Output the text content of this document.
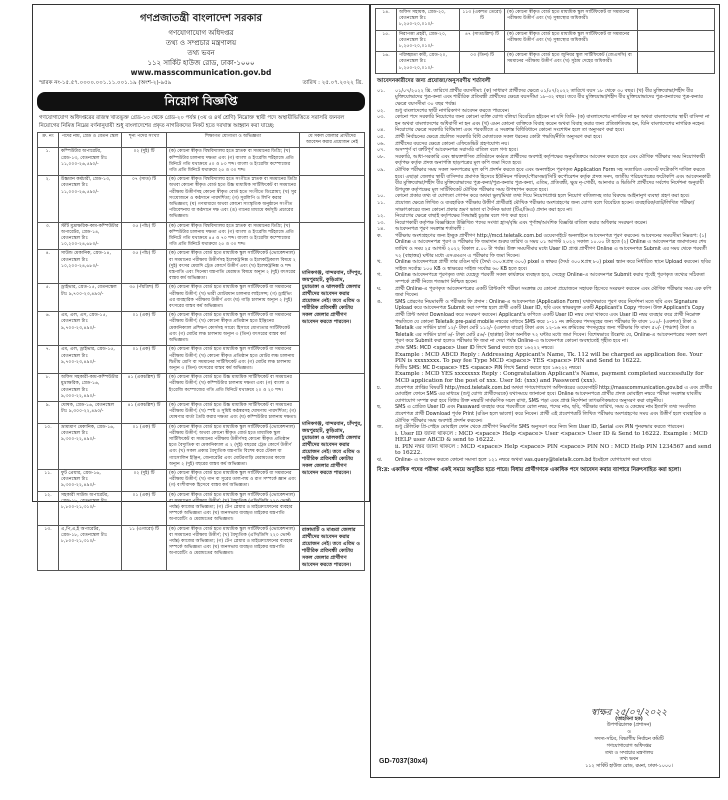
গণপ্রজাতন্ত্রী বাংলাদেশ সরকার
গণযোগাযোগ অধিদপ্তর
তথ্য ও সম্প্রচার মন্ত্রণালয়
তথ্য ভবন
১১২ সার্কিট হাউজ রোড, ঢাকা-১০০০
www.masscommunication.gov.bd
স্মারক নং-১৫.৫৭.০০০০.০০১.১১.০০১.১৯ (অংশ-২)-৯৫৯	তারিখ : ২৫.০৭.২০২২ খ্রি.
নিয়োগ বিজ্ঞপ্তি
গণযোগাযোগ অধিদপ্তরের রাজস্ব খাতভুক্ত গ্রেড-১৩ থেকে গ্রেড-২০ পর্যন্ত (৩য় ও ৪র্থ শ্রেণি) নিম্নোক্ত স্থায়ী পদে অস্থায়ীভিত্তিতে সরাসরি জনবল নিয়োগের নিমিত্ত নিম্নের বর্ণনানুযায়ী শুধু বাংলাদেশের প্রকৃত নাগরিকদের নিকট হতে দরখাস্ত আহ্বান করা যাচ্ছে:
ক্র. নং	পদের নাম, গ্রেড ও বেতন স্কেল	শূন্য পদের সংখ্যা	শিক্ষাগত যোগ্যতা ও অভিজ্ঞতা	যে সকল জেলার প্রার্থীদের আবেদন করার প্রয়োজন নেই
১.	কম্পিউটার অপারেটর, গ্রেড-১৩, বেতনস্কেল টাঃ ১১,০০০-২৬,৫৯০/-	০২ (দুই) টি	(ক) কোনো স্বীকৃত বিশ্ববিদ্যালয় হতে স্নাতক বা সমমানের ডিগ্রি; (খ) কম্পিউটার চালনায় দক্ষতা এবং (গ) বাংলা ও ইংরেজি শর্টহ্যান্ডে প্রতি মিনিটে গতি যথাক্রমে ৫০ ও ৮০ শব্দ। বাংলা ও ইংরেজি কম্পোজের গতি প্রতি মিনিটে যথাক্রমে ২৫ ও ৩০ শব্দ।	
২.	উচ্চমান কর্মচারী, গ্রেড-১৩, বেতনস্কেল টাঃ ১১,০০০-২৬,৫৯০/-	০৭ (সাত) টি	(ক) কোনো স্বীকৃত বিশ্ববিদ্যালয় হতে সংগীতে স্নাতক বা সমমানের ডিগ্রি অথবা কোনো স্বীকৃত বোর্ড হতে উচ্চ মাধ্যমিক সার্টিফিকেট বা সমমানের পরীক্ষায় উত্তীর্ণসহ কোনো স্বীকৃত বোর্ড হতে সংগীতে ডিপ্লোমা; (খ) সুর সংযোজনে ও কণ্ঠদানে পারদর্শিতা; (গ) সুরলিপি ও লিপি করার অভিজ্ঞতা; (ঘ) গণমাধ্যমে অথবা কোনো সাংস্কৃতিক অনুষ্ঠানে সংগীত পরিবেশনায় বা কণ্ঠদানে দক্ষ এবং (ঙ) গানের মাধ্যমে কর্মসূচি প্রচারের অভিজ্ঞতা।	
৩.	স্টাঁট মুদ্রাক্ষরিক-কাম-কম্পিউটার অপারেটর, গ্রেড-১৪, বেতনস্কেল টাঃ ১০,২০০-২৪,৬৮০/-	০৫ (পাঁচ) টি	(ক) কোনো স্বীকৃত বিশ্ববিদ্যালয় হতে স্নাতক বা সমমানের ডিগ্রি; (খ) কম্পিউটার চালনায় দক্ষতা এবং (গ) বাংলা ও ইংরেজি শর্টহ্যান্ডে প্রতি মিনিটে গতি যথাক্রমে ৪৫ ও ৭০ শব্দ। বাংলা ও ইংরেজি কম্পোজের গতি প্রতি মিনিটে যথাক্রমে ২৫ ও ৩০ শব্দ।	মানিকগঞ্জ, বান্দরবান, চাঁদপুর, জয়পুরহাট, কুড়িগ্রাম, চুয়াডাঙ্গা ও ঝালকাঠি জেলার প্রার্থীদের আবেদন করার প্রয়োজন নেই। তবে এতিম ও শারীরিক প্রতিবন্ধী কোটায় সকল জেলার প্রার্থীগণ আবেদন করতে পারবেন।
৪.	সাউন্ড মেকানিক, গ্রেড-১৪, বেতনস্কেল টাঃ ১০,২০০-২৪,৬৮০/-	০৫ (পাঁচ) টি	(ক) কোনো স্বীকৃত বোর্ড হতে মাধ্যমিক স্কুল সার্টিফিকেট (ভোকেশনাল) বা সমমানের পরীক্ষায় উত্তীর্ণসহ ইলেকট্রনিক্স ও ইলেকট্রিক্যাল বিষয়ে ২ (দুই) বৎসর মেয়াদি ট্রেড কোর্সে উত্তীর্ণ এবং (খ) ইলেকট্রনিক্স ও শব্দ যন্ত্রপাতি এবং সিনেমা যন্ত্রপাতি মেরামত বিষয়ে অন্যূন ২ (দুই) বৎসরের বাস্তব কর্ম অভিজ্ঞতা।	
৫.	ড্রাইভার, গ্রেড-১৫, বেতনস্কেল টাঃ ৯,৭০০-২৩,৪৯০/-	৩৫ (পঁয়ত্রিশ) টি	(ক) কোনো স্বীকৃত বোর্ড হতে মাধ্যমিক স্কুল সার্টিফিকেট বা সমমানের পরীক্ষায় উত্তীর্ণ; (খ) ভারী মোটরযান চালনার লাইসেন্স; (গ) ড্রাইভিং এর ব্যবহারিক পরীক্ষায় উত্তীর্ণ এবং (ঘ) গাড়ি চালনায় অন্যূন ২ (দুই) বৎসরের বাস্তব কর্ম অভিজ্ঞতা।	
৬.	এম, এল, এস, গ্রেড-১৫, বেতনস্কেল টাঃ ৯,৭০০-২৩,৪৯০/-	০১ (এক) টি	(ক) কোনো স্বীকৃত বোর্ড হতে মাধ্যমিক স্কুল সার্টিফিকেট বা সমমানের পরীক্ষায় উত্তীর্ণ; (খ) কোনো স্বীকৃত প্রতিষ্ঠান হতে ইঞ্জিনের মেকানিক্যাল প্রশিক্ষণ কোর্সসহ সারেং হিসাবে যোগ্যতার সার্টিফিকেট এবং (গ) মোটর লঞ্চ চালনায় অন্যূন ৩ (তিন) বৎসরের বাস্তব কর্ম অভিজ্ঞতা।	
৭.	এম, এল, ড্রাইভার, গ্রেড-১৫, বেতনস্কেল টাঃ ৯,৭০০-২৩,৪৯০/-	০১ (এক) টি	(ক) কোনো স্বীকৃত বোর্ড হতে মাধ্যমিক স্কুল সার্টিফিকেট বা সমমানের পরীক্ষায় উত্তীর্ণ; (খ) কোনো স্বীকৃত প্রতিষ্ঠান হতে মোটর লঞ্চ চালনায় দ্বিতীয় শ্রেণি বা সমমানের সার্টিফিকেট এবং (গ) মোটর লঞ্চ চালনায় অন্যূন ৩ (তিন) বৎসরের বাস্তব কর্ম অভিজ্ঞতা।	
৮.	অফিস সহকারী-কাম-কম্পিউটার মুদ্রাক্ষরিক, গ্রেড-১৬, বেতনস্কেল টাঃ ৯,৩০০-২২,৪৯০/-	৪১ (একচল্লিশ) টি	(ক) কোনো স্বীকৃত বোর্ড হতে উচ্চ মাধ্যমিক সার্টিফিকেট বা সমমানের পরীক্ষায় উত্তীর্ণ; (খ) কম্পিউটার চালনায় দক্ষতা এবং (গ) বাংলা ও ইংরেজি কম্পোজের গতি প্রতি মিনিটে যথাক্রমে ২০ ও ২০ শব্দ।	মানিকগঞ্জ, বান্দরবান, চাঁদপুর, জয়পুরহাট, কুড়িগ্রাম, চুয়াডাঙ্গা ও ঝালকাঠি জেলার প্রার্থীদের আবেদন করার প্রয়োজন নেই। তবে এতিম ও শারীরিক প্রতিবন্ধী কোটায় সকল জেলার প্রার্থীগণ আবেদন করতে পারবেন।
৯.	ঘোষক, গ্রেড-১৬, বেতনস্কেল টাঃ ৯,৩০০-২২,৪৯০/-	৪১ (একচল্লিশ) টি	(ক) কোনো স্বীকৃত বোর্ড হতে উচ্চ মাধ্যমিক সার্টিফিকেট বা সমমানের পরীক্ষায় উত্তীর্ণ; (খ) স্পষ্ট ও সুমিষ্ট কণ্ঠস্বরসহ ঘোষণায় পারদর্শিতা; (গ) ঘোষণার বার্তা তৈরি করার দক্ষতা এবং (ঘ) কম্পিউটার চালনায় দক্ষতা।	
১০.	ভ্রাম্যমাণ মেকানিক, গ্রেড-১৬, বেতনস্কেল টাঃ ৯,৩০০-২২,৪৯০/-	০১ (এক) টি	(ক) কোনো স্বীকৃত বোর্ড হতে মাধ্যমিক স্কুল সার্টিফিকেট (ভোকেশনাল) পরীক্ষায় উত্তীর্ণ; অথবা কোনো স্বীকৃত বোর্ড হতে মাধ্যমিক স্কুল সার্টিফিকেট বা সমমানের পরীক্ষায় উত্তীর্ণসহ কোনো স্বীকৃত প্রতিষ্ঠান হতে বৈদ্যুতিক বা মেকানিক্যাল এ ২ (দুই) বছরের ট্রেড কোর্সে উত্তীর্ণ এবং (খ) সকল প্রকার বৈদ্যুতিক যন্ত্রপাতি বিশেষ করে টেকল বা গ্যাসোলিন ইঞ্জিন, জেনারেটর এবং মোটরগাড়ি মেরামতের কাজে অন্যূন ২ (দুই) বছরের বাস্তব কর্ম অভিজ্ঞতা।	
১১.	ফুট প্রেয়ার, গ্রেড-১৬, বেতনস্কেল টাঃ ৯,৩০০-২২,৪৯০/-	০২ (দুই) টি	(ক) কোনো স্বীকৃত বোর্ড হতে মাধ্যমিক স্কুল সার্টিফিকেট বা সমমানের পরীক্ষায় উত্তীর্ণ; (খ) গান বা সুরের তাল-লয় ও রাগ সম্পর্কে জ্ঞান এবং (গ) বংশীবাদক হিসেবে বাস্তব কর্ম অভিজ্ঞতা।	
১২.	সহকারী সাউন্ড অপারেটর, গ্রেড-১৮, বেতনস্কেল টাঃ ৮,৮০০-২১,৩১০/-	০১ (এক) টি	(ক) কোনো স্বীকৃত বোর্ড হতে মাধ্যমিক স্কুল সার্টিফিকেট (ভোকেশনাল) বা সমমানের পরীক্ষায় উত্তীর্ণ; (খ) বৈদ্যুতিক (এসি/ডিসি ২২০ ভোল্ট পর্যন্ত) কাজের অভিজ্ঞতা; (গ) টেপ প্লেয়ার ও মাইক্রোফোনের ব্যবহার সম্পর্কে অভিজ্ঞতা এবং (ঘ) জনসভায় ব্যবহৃত মাইকের যন্ত্রপাতি অপারেটিং ও মেরামতের অভিজ্ঞতা।	
১৩.	এ,পি,এ,ই অপারেটর, গ্রেড-১৮, বেতনস্কেল টাঃ ৮,৮০০-২১,৩১০/-	১১ (এগারো) টি	(ক) কোনো স্বীকৃত বোর্ড হতে মাধ্যমিক স্কুল সার্টিফিকেট (ভোকেশনাল) বা সমমানের পরীক্ষায় উত্তীর্ণ; (খ) বৈদ্যুতিক (এসি/ডিসি ২২০ ভোল্ট পর্যন্ত) কাজের অভিজ্ঞতা; (গ) টেপ প্লেয়ার ও মাইক্রোফোনের ব্যবহার সম্পর্কে অভিজ্ঞতা এবং (ঘ) জনসভায় ব্যবহৃত মাইকের যন্ত্রপাতি অপারেটিং ও মেরামতের অভিজ্ঞতা।	রাঙ্গামাটি ও মাগুরা জেলার প্রার্থীদের আবেদন করার প্রয়োজন নেই। তবে এতিম ও শারীরিক প্রতিবন্ধী কোটায় সকল জেলার প্রার্থীগণ আবেদন করতে পারবেন।
১৪.	অফিস সহায়ক, গ্রেড-২০, বেতনস্কেল টাঃ ৮,২৫০-২০,০১০/-	১১৩ (একশত তেরো) টি	(ক) কোনো স্বীকৃত বোর্ড হতে মাধ্যমিক স্কুল সার্টিফিকেট বা সমমানের পরীক্ষায় উত্তীর্ণ এবং (খ) সুস্বাস্থ্যের অধিকারী।	
১৫.	নিরাপত্তা প্রহরী, গ্রেড-২০, বেতনস্কেল টাঃ ৮,২৫০-২০,০১০/-	৪৭ (সাতচল্লিশ) টি	(ক) কোনো স্বীকৃত বোর্ড হতে মাধ্যমিক স্কুল সার্টিফিকেট বা সমমানের পরীক্ষায় উত্তীর্ণ এবং (খ) সুস্বাস্থ্যের অধিকারী।	
১৬.	পরিচ্ছন্নতা কর্মী, গ্রেড-২০, বেতনস্কেল টাঃ ৮,২৫০-২০,০১০/-	০৩ (তিন) টি	(ক) কোনো স্বীকৃত বোর্ড হতে জুনিয়র স্কুল সার্টিফিকেট (জেএসসি) বা সমমানের পরীক্ষায় উত্তীর্ণ এবং (খ) সুঠাম দেহের অধিকারী।	
আবেদনকারীদের জন্য প্রযোজ্য/অনুসরণীয় শর্তাবলী
০১.	০১/০৭/২০২২ খ্রি. তারিখে প্রার্থীর বয়সসীমা: (ক) সাধারণ প্রার্থীদের ক্ষেত্রে ০১/০৭/২০২২ তারিখে বয়স ১৮ থেকে ৩০ বছর। (খ) বীর মুক্তিযোদ্ধা/শহীদ বীর মুক্তিযোদ্ধাদের পুত্র-কন্যা এবং শারীরিক প্রতিবন্ধী প্রার্থীদের ক্ষেত্রে বয়সসীমা ১৮-৩২ বছর। তবে বীর মুক্তিযোদ্ধা/শহীদ বীর মুক্তিযোদ্ধাদের পুত্র-কন্যাদের পুত্র-কন্যার ক্ষেত্রে বয়সসীমা ৩০ বছর পর্যন্ত।
০২.	শুধু বাংলাদেশের স্থায়ী নাগরিকগণ আবেদন করতে পারবেন।
০৩.	কোনো পদে সরকারি নিয়োগের জন্য কোনো ব্যক্তি যোগ্য বলিয়া বিবেচিত হইবেন না যদি তিনি- (ক) বাংলাদেশের নাগরিক না হন অথবা বাংলাদেশের স্থায়ী বাসিন্দা না হন অথবা বাংলাদেশের অধিবাসী না হন এবং (খ) এমন কোনো ব্যক্তিকে বিবাহ করেন অথবা বিবাহ করার জন্য প্রতিশ্রুতিবদ্ধ হন, যিনি বাংলাদেশের নাগরিক নহেন।
০৪.	নিয়োগের ক্ষেত্রে সরকারি বিধিমালা এবং পরবর্তীতে এ সংক্রান্ত বিধিবিধানে কোনো সংশোধন হলে তা অনুসরণ করা হবে।
০৫.	প্রার্থী নির্বাচনের ক্ষেত্রে প্রচলিত সরকারি বিধি মোতাবেক সকল ধরনের কোটা পদ্ধতি/নীতি অনুসরণ করা হবে।
০৬.	প্রার্থীদের বয়সের ক্ষেত্রে কোনো এফিডেভিট গ্রহণযোগ্য নয়।
০৭.	অসম্পূর্ণ বা ত্রুটিপূর্ণ আবেদনপত্র সরাসরি বাতিল বলে গণ্য হবে।
০৮.	সরকারি, আধা-সরকারি এবং স্বায়ত্তশাসিত প্রতিষ্ঠানে কর্মরত প্রার্থীদের অবশ্যই কর্তৃপক্ষের অনুমতিক্রমে আবেদন করতে হবে এবং মৌখিক পরীক্ষার সময় নিয়োগকারী কর্তৃপক্ষ কর্তৃক প্রদত্ত অনাপত্তি ছাড়পত্রের মূল কপি জমা দিতে হবে।
০৯.	মৌখিক পরীক্ষার সময় সকল সনদপত্রের মূল কপি প্রদর্শন করতে হবে এবং অনলাইনে পূরণকৃত Application Form সহ সত্যায়িত একসেট ফটোকপি দাখিল করতে হবে। এছাড়া জেলার স্থায়ী বাসিন্দার প্রমাণক হিসেবে ইউনিয়ন পরিষদ/পৌরসভা/সিটি কর্পোরেশন কর্তৃক প্রদত্ত সনদ, জাতীয় পরিচয়পত্রের ফটোকপি এবং আবেদনকারী বীর মুক্তিযোদ্ধা/শহীদ বীর মুক্তিযোদ্ধাদের পুত্র-কন্যা/পুত্র-কন্যার পুত্র-কন্যা, এতিম, প্রতিবন্ধী, ক্ষুদ্র নৃ-গোষ্ঠী, আনসার ও ভিডিপি প্রার্থীদের সর্বশেষ নির্দেশনা অনুযায়ী উপযুক্ত কর্তৃপক্ষের মূল সার্টিফিকেট মৌখিক পরীক্ষার সময় উপস্থাপন করতে হবে।
১০.	কোনো প্রকার তথ্য বা যোগ্যতা গোপন করে অথবা ভুল/মিথ্যা তথ্য দিয়ে নিয়োগপ্রাপ্ত হলে নিয়োগ বাতিলসহ তার বিরুদ্ধে আইনানুগ ব্যবস্থা গ্রহণ করা হবে।
১১.	প্রযোজ্য ক্ষেত্রে লিখিত ও ব্যবহারিক পরীক্ষায় উত্তীর্ণ প্রার্থীরাই মৌখিক পরীক্ষায় অংশগ্রহণের জন্য যোগ্য বলে বিবেচিত হবেন। ব্যবহারিক/ব্যাট/লিখিত পরীক্ষা/সাক্ষাৎকারের জন্য কোনো প্রকার ভ্রমণ ভাতা বা দৈনিক ভাতা (টিএ/ডিএ) প্রদান করা হবে না।
১২.	নিয়োগের ক্ষেত্রে বাছাই কর্তৃপক্ষের সিদ্ধান্তই চূড়ান্ত বলে গণ্য করা হবে।
১৩.	নিয়োগকারী কর্তৃপক্ষ বিজ্ঞপ্তিতে উল্লিখিত পদের সংখ্যা হ্রাস/বৃদ্ধি এবং পূর্ণাঙ্গ/আংশিক বিজ্ঞপ্তি বাতিল করার অধিকার সংরক্ষণ করেন।
১৪.	আবেদনপত্র পূরণ সংক্রান্ত শর্তাবলী :
ক.	পরীক্ষায় অংশগ্রহণের জন্য ইচ্ছুক প্রার্থীগণ http://mcd.teletalk.com.bd ওয়েবসাইটে অনলাইনে আবেদনপত্র পূরণ করবেন। আবেদনের সময়সীমা নিম্নরূপ: (১) Online এ আবেদনপত্র পূরণ ও পরীক্ষার ফি জমাদান শুরুর তারিখ ও সময় ০১ আগস্ট ২০২২ সকাল ১০.০০ টা হতে (২) Online এ আবেদনপত্র জমাদানের শেষ তারিখ ও সময় ২৫ আগস্ট ২০২২ বিকাল ৫.০০ টা পর্যন্ত। উক্ত সময়সীমার মধ্যে User ID প্রাপ্ত প্রার্থীগণ Online এ আবেদনপত্র Submit এর সময় থেকে পরবর্তী ৭২ (বাহাত্তর) ঘন্টার মধ্যে এসএমএস এ পরীক্ষার ফি জমা দিবেন।
খ.	Online আবেদনপত্রে প্রার্থী তার রঙিন ছবি (দৈর্ঘ্য ৩০০×প্রস্থ ৩০০) pixel ও স্বাক্ষর (দৈর্ঘ্য ৩০০×প্রস্থ ৮০) pixel স্ক্যান করে নির্ধারিত স্থানে Upload করবেন। ছবির সাইজ সর্বোচ্চ ১০০ KB ও স্বাক্ষরের সাইজ সর্বোচ্চ ৬০ KB হতে হবে।
গ.	Online আবেদনপত্রে পূরণকৃত তথ্য যেহেতু পরবর্তী সকল কার্যক্রমে ব্যবহৃত হবে, সেহেতু Online-এ আবেদনপত্র Submit করার পূর্বেই পূরণকৃত তথ্যের সঠিকতা সম্পর্কে প্রার্থী নিজে শতভাগ নিশ্চিত হবেন।
ঘ.	প্রার্থী Online-এ পূরণকৃত আবেদনপত্রের একটি প্রিন্টকপি পরীক্ষা সংক্রান্ত যে কোনো প্রয়োজনে সহায়ক হিসেবে সংরক্ষণ করবেন এবং মৌখিক পরীক্ষার সময় এক কপি জমা দিবেন।
ঙ.	SMS প্রেরণের নিয়মাবলী ও পরীক্ষার ফি প্রদান : Online-এ আবেদনপত্র (Application Form) যথাযথভাবে পূরণ করে নির্দেশনা মতে ছবি এবং Signature Upload করে আবেদনপত্র Submit করা সম্পন্ন হলে প্রার্থী একটি User ID, ছবি এবং স্বাক্ষরযুক্ত একটি Applicant's Copy পাবেন। উক্ত Applicant's Copy প্রার্থী প্রিন্ট অথবা Download করে সংরক্ষণ করবেন। Applicant's কপিতে একটি User ID নম্বর দেয়া থাকবে এবং User ID নম্বর ব্যবহার করে প্রার্থী নিম্নোক্ত পদ্ধতিতে যে কোনো Teletalk pre-paid mobile নম্বরের মাধ্যমে SMS করে ১-১১ নং ক্রমিকের পদসমূহের জন্য পরীক্ষার ফি বাবদ ১০০/- (একশত) টাকা ও Teletalk এর সার্ভিস চার্জ ১২/- টাকা মোট ১১২/- (একশত বারো) টাকা এবং ১২-১৬ নং ক্রমিকের পদসমূহের জন্য পরীক্ষার ফি বাবদ ৫০/- (পঞ্চাশ) টাকা ও Teletalk এর সার্ভিস চার্জ ৬/- টাকা মোট ৫৬/- (ছাপ্পান্ন) টাকা অনধিক ৭২ ঘন্টার মধ্যে জমা দিবেন। বিশেষভাবে উল্লেখ্য যে, Online-এ আবেদনপত্রের সকল অংশ পূরণ করে Submit করা হলেও পরীক্ষার ফি জমা না দেয়া পর্যন্ত Online-এ আবেদনপত্র কোনো অবস্থাতেই গৃহীত হবে না।
প্রথম SMS: MCD <space> User ID লিখে Send করতে হবে ১৬২২২ নম্বরে।
Example : MCD ABCD Reply : Addressing Appicant's Name, Tk. 112 will be charged as application fee. Your PIN is xxxxxxxx. To pay fee Type MCD <space> YES <space> PIN and Send to 16222.
দ্বিতীয় SMS: MC D<space> YES <space> PIN লিখে Send করতে হবে ১৬২২২ নম্বরে।
Example : MCD YES xxxxxxxx Reply : Congratulation Applicant's Name, payment completed successfully for MCD application for the post of xxx. User Id: (xxx) and Password (xxx).
চ.	প্রবেশপত্র প্রাপ্তির বিষয়টি http://mcd.teletalk.com.bd অথবা গণযোগাযোগ অধিদপ্তরের ওয়েবসাইট http://masscommunication.gov.bd এ এবং প্রার্থীর মোবাইল ফোনে SMS এর মাধ্যমে (শুধু যোগ্য প্রার্থীদেরকে) যথাসময়ে জানানো হবে। Online আবেদনপত্রে প্রার্থীর প্রদত্ত মোবাইল নম্বরে পরীক্ষা সংক্রান্ত যাবতীয় যোগাযোগ সম্পন্ন করা হবে বিধায় উক্ত নম্বরটি সার্বক্ষণিক সচল রাখা, SMS পড়া এবং প্রাপ্ত নির্দেশনা তাৎক্ষণিকভাবে অনুসরণ করা বাঞ্ছনীয়।
ছ.	SMS এ প্রেরিত User ID এবং Passward ব্যবহার করে পরবর্তীতে রোল নম্বর, পদের নাম, ছবি, পরীক্ষার তারিখ, সময় ও কেন্দ্রের নাম ইত্যাদি তথ্য সংবলিত প্রবেশপত্র প্রার্থী Download পূর্বক Print (রঙিন হলে ভালো) করে নিবেন। প্রার্থী এই প্রবেশপত্রটি লিখিত পরীক্ষায় অংশগ্রহণের সময় এবং উত্তীর্ণ হলে ব্যবহারিক ও মৌখিক পরীক্ষার সময় অবশ্যই প্রদর্শন করবেন।
জ.	শুধু টেলিটক প্রি-পেইড মোবাইল ফোন থেকে প্রার্থীগণ নিম্নবর্ণিত SMS অনুসরণ করে নিজ নিজ User ID, Serial এবং PIN পুনরুদ্ধার করতে পারবেন।
i. User ID জানা থাকলে : MCD <space> Help <space> User <space> User ID & Send to 16222. Example : MCD HELP user ABCD & send to 16222.
ii. PIN নম্বর জানা থাকলে : MCD <space> Help <space> PIN <space> PIN NO : MCD Help PIN 1234567 and send to 16222.
ঝ.	Online- এ আবেদন করতে কোনো সমস্যা হলে ১২১ নম্বরে অথবা vas.query@teletalk.com.bd ইমেইলে যোগাযোগ করা যাবে।
বি:দ্র: একাধিক পদের পরীক্ষা একই সময়ে অনুষ্ঠিত হতে পারে। বিধায় প্রার্থীগণকে একাধিক পদে আবেদন করার ব্যাপারে নিরুৎসাহিত করা হলো।
GD-7037(30x4)
স্বাক্ষর ২৫/০৭/২০২২
(তাহমিনা হক)
উপপরিচালক (প্রশাসন)
ও
সদস্য-সচিব, বিভাগীয় নির্বাচন কমিটি
গণযোগাযোগ অধিদপ্তর
তথ্য ও সম্প্রচার মন্ত্রণালয়
তথ্য ভবন
১১২ সার্কিট হাউজ রোড, রমনা, ঢাকা-১০০০।
